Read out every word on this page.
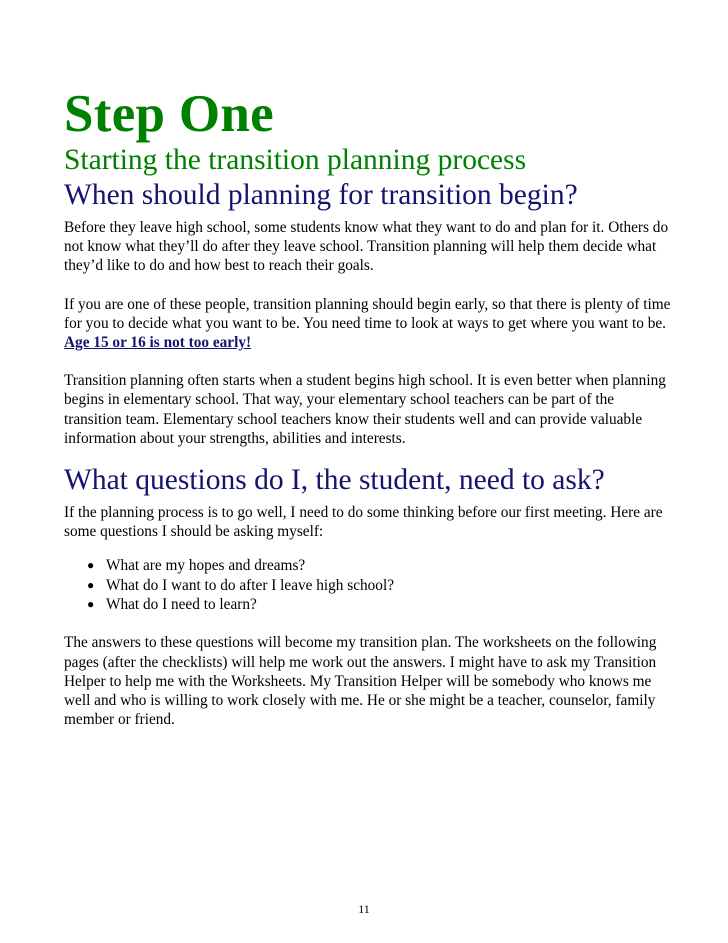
Step One
Starting the transition planning process
When should planning for transition begin?

Before they leave high school, some students know what they want to do and plan for it. Others do not know what they’ll do after they leave school. Transition planning will help them decide what they’d like to do and how best to reach their goals.

If you are one of these people, transition planning should begin early, so that there is plenty of time for you to decide what you want to be. You need time to look at ways to get where you want to be. Age 15 or 16 is not too early!

Transition planning often starts when a student begins high school. It is even better when planning begins in elementary school. That way, your elementary school teachers can be part of the transition team. Elementary school teachers know their students well and can provide valuable information about your strengths, abilities and interests.

What questions do I, the student, need to ask?

If the planning process is to go well, I need to do some thinking before our first meeting. Here are some questions I should be asking myself:

● What are my hopes and dreams?
● What do I want to do after I leave high school?
● What do I need to learn?

The answers to these questions will become my transition plan. The worksheets on the following pages (after the checklists) will help me work out the answers. I might have to ask my Transition Helper to help me with the Worksheets. My Transition Helper will be somebody who knows me well and who is willing to work closely with me. He or she might be a teacher, counselor, family member or friend.

11
